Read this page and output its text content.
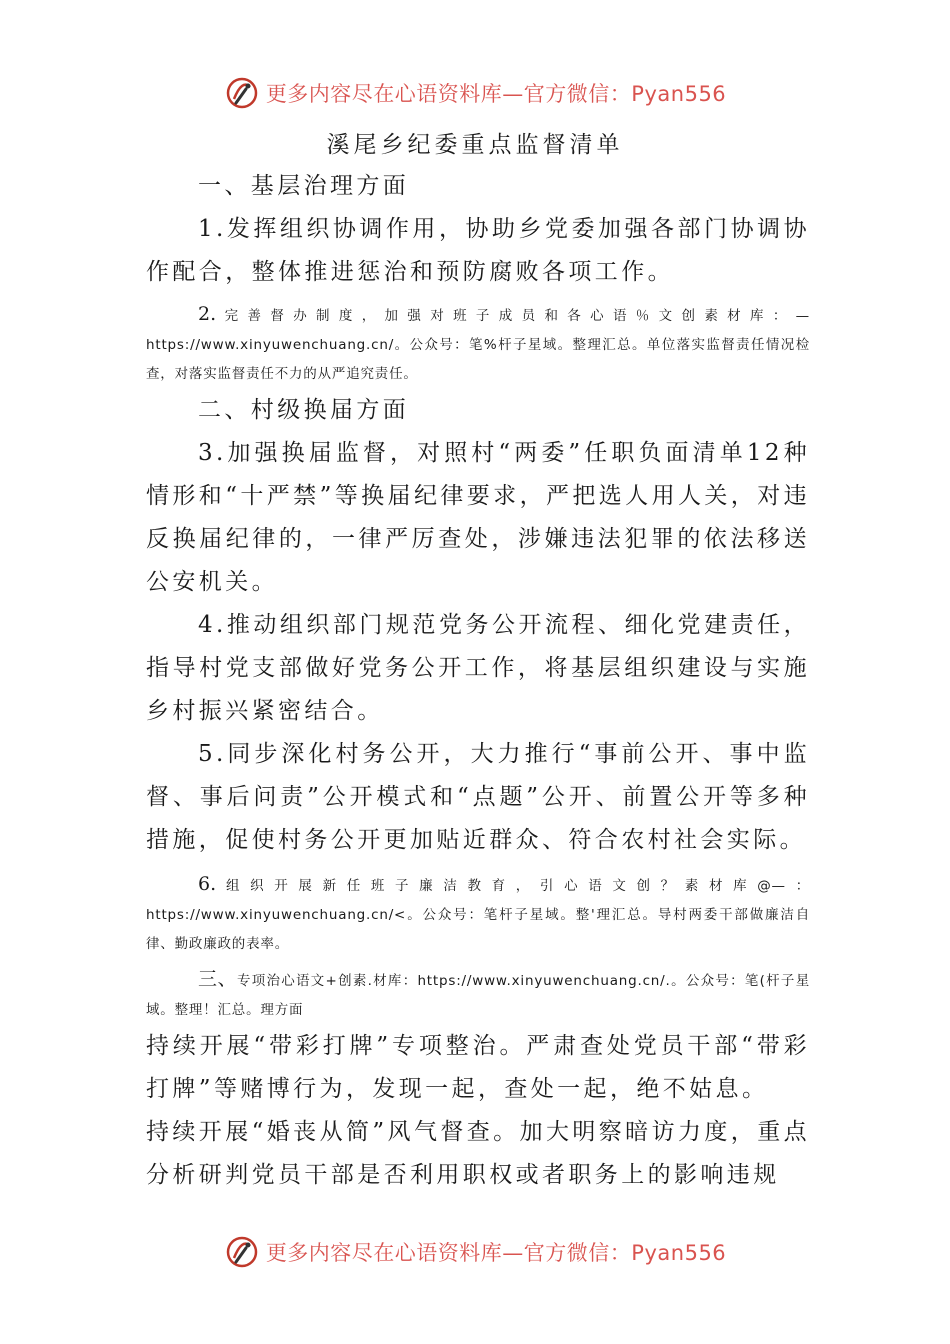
更多内容尽在心语资料库—官方微信：Pyan556
溪尾乡纪委重点监督清单

一、基层治理方面

1.发挥组织协调作用，协助乡党委加强各部门协调协作配合，整体推进惩治和预防腐败各项工作。

2.完善督办制度，加强对班子成员和各心语％文创素材库：—https://www.xinyuwenchuang.cn/。公众号：笔%杆子星域。整理汇总。单位落实监督责任情况检查，对落实监督责任不力的从严追究责任。

二、村级换届方面

3.加强换届监督，对照村“两委”任职负面清单12种情形和“十严禁”等换届纪律要求，严把选人用人关，对违反换届纪律的，一律严厉查处，涉嫌违法犯罪的依法移送公安机关。

4.推动组织部门规范党务公开流程、细化党建责任，指导村党支部做好党务公开工作，将基层组织建设与实施乡村振兴紧密结合。

5.同步深化村务公开，大力推行“事前公开、事中监督、事后问责”公开模式和“点题”公开、前置公开等多种措施，促使村务公开更加贴近群众、符合农村社会实际。

6.组织开展新任班子廉洁教育，引心语文创？素材库@—：https://www.xinyuwenchuang.cn/<。公众号：笔杆子星域。整'理汇总。导村两委干部做廉洁自律、勤政廉政的表率。

三、专项治心语文+创素.材库：https://www.xinyuwenchuang.cn/.。公众号：笔(杆子星域。整理！汇总。理方面

持续开展“带彩打牌”专项整治。严肃查处党员干部“带彩打牌”等赌博行为，发现一起，查处一起，绝不姑息。

持续开展“婚丧从简”风气督查。加大明察暗访力度，重点分析研判党员干部是否利用职权或者职务上的影响违规

更多内容尽在心语资料库—官方微信：Pyan556
